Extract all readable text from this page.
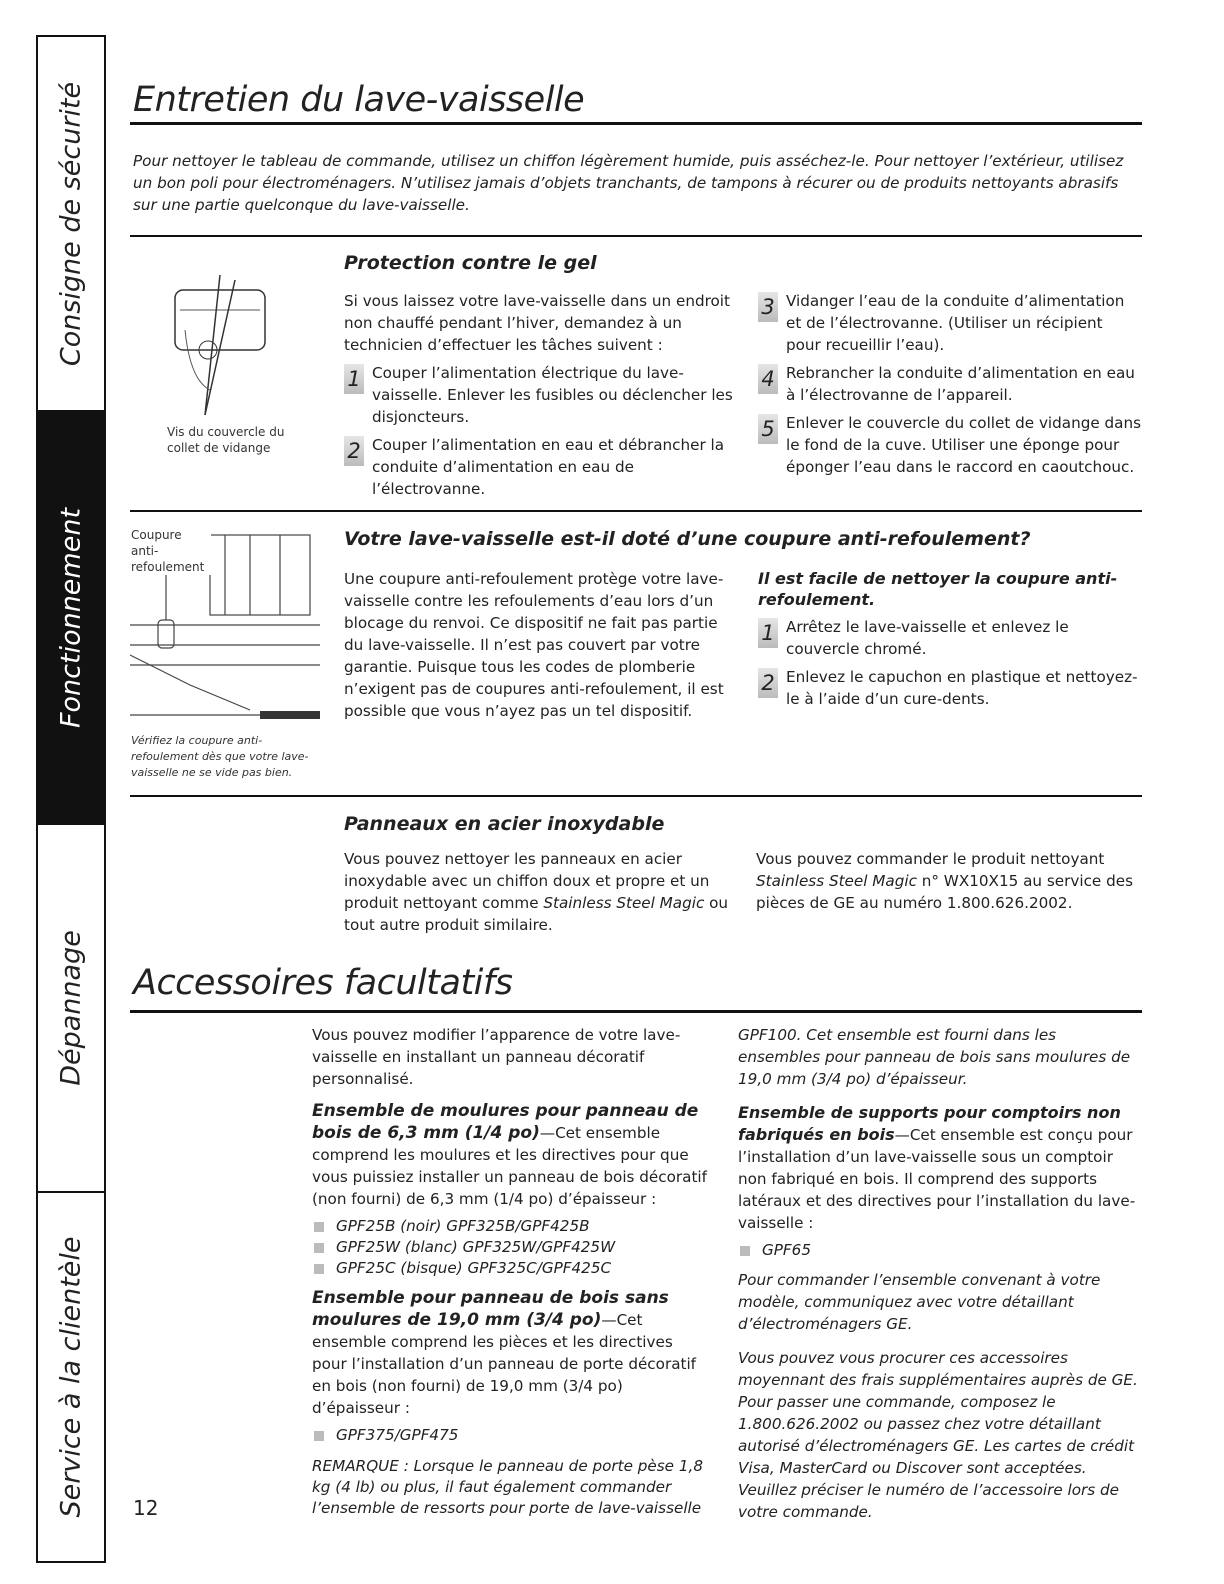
Consigne de sécurité
Fonctionnement
Dépannage
Service à la clientèle
Entretien du lave-vaisselle
Pour nettoyer le tableau de commande, utilisez un chiffon légèrement humide, puis asséchez-le. Pour nettoyer l’extérieur, utilisez un bon poli pour électroménagers. N’utilisez jamais d’objets tranchants, de tampons à récurer ou de produits nettoyants abrasifs sur une partie quelconque du lave-vaisselle.
Vis du couvercle du collet de vidange
Protection contre le gel

Si vous laissez votre lave-vaisselle dans un endroit non chauffé pendant l’hiver, demandez à un technicien d’effectuer les tâches suivent :

1 Couper l’alimentation électrique du lave-vaisselle. Enlever les fusibles ou déclencher les disjoncteurs.
2 Couper l’alimentation en eau et débrancher la conduite d’alimentation en eau de l’électrovanne.
3 Vidanger l’eau de la conduite d’alimentation et de l’électrovanne. (Utiliser un récipient pour recueillir l’eau).
4 Rebrancher la conduite d’alimentation en eau à l’électrovanne de l’appareil.
5 Enlever le couvercle du collet de vidange dans le fond de la cuve. Utiliser une éponge pour éponger l’eau dans le raccord en caoutchouc.
Coupure anti-refoulement
Vérifiez la coupure anti-refoulement dès que votre lave-vaisselle ne se vide pas bien.
Votre lave-vaisselle est-il doté d’une coupure anti-refoulement?
Une coupure anti-refoulement protège votre lave-vaisselle contre les refoulements d’eau lors d’un blocage du renvoi. Ce dispositif ne fait pas partie du lave-vaisselle. Il n’est pas couvert par votre garantie. Puisque tous les codes de plomberie n’exigent pas de coupures anti-refoulement, il est possible que vous n’ayez pas un tel dispositif.

Il est facile de nettoyer la coupure anti-refoulement.

1 Arrêtez le lave-vaisselle et enlevez le couvercle chromé.
2 Enlevez le capuchon en plastique et nettoyez-le à l’aide d’un cure-dents.
Panneaux en acier inoxydable
Vous pouvez nettoyer les panneaux en acier inoxydable avec un chiffon doux et propre et un produit nettoyant comme Stainless Steel Magic ou tout autre produit similaire.
Vous pouvez commander le produit nettoyant Stainless Steel Magic n° WX10X15 au service des pièces de GE au numéro 1.800.626.2002.
Accessoires facultatifs

Vous pouvez modifier l’apparence de votre lave-vaisselle en installant un panneau décoratif personnalisé.

Ensemble de moulures pour panneau de bois de 6,3 mm (1/4 po)—Cet ensemble comprend les moulures et les directives pour que vous puissiez installer un panneau de bois décoratif (non fourni) de 6,3 mm (1/4 po) d’épaisseur :

GPF25B (noir) GPF325B/GPF425B
GPF25W (blanc) GPF325W/GPF425W
GPF25C (bisque) GPF325C/GPF425C

Ensemble pour panneau de bois sans moulures de 19,0 mm (3/4 po)—Cet ensemble comprend les pièces et les directives pour l’installation d’un panneau de porte décoratif en bois (non fourni) de 19,0 mm (3/4 po) d’épaisseur :

GPF375/GPF475

REMARQUE : Lorsque le panneau de porte pèse 1,8 kg (4 lb) ou plus, il faut également commander l’ensemble de ressorts pour porte de lave-vaisselle

GPF100. Cet ensemble est fourni dans les ensembles pour panneau de bois sans moulures de 19,0 mm (3/4 po) d’épaisseur.

Ensemble de supports pour comptoirs non fabriqués en bois—Cet ensemble est conçu pour l’installation d’un lave-vaisselle sous un comptoir non fabriqué en bois. Il comprend des supports latéraux et des directives pour l’installation du lave-vaisselle :

GPF65

Pour commander l’ensemble convenant à votre modèle, communiquez avec votre détaillant d’électroménagers GE.

Vous pouvez vous procurer ces accessoires moyennant des frais supplémentaires auprès de GE. Pour passer une commande, composez le 1.800.626.2002 ou passez chez votre détaillant autorisé d’électroménagers GE. Les cartes de crédit Visa, MasterCard ou Discover sont acceptées. Veuillez préciser le numéro de l’accessoire lors de votre commande.

12
